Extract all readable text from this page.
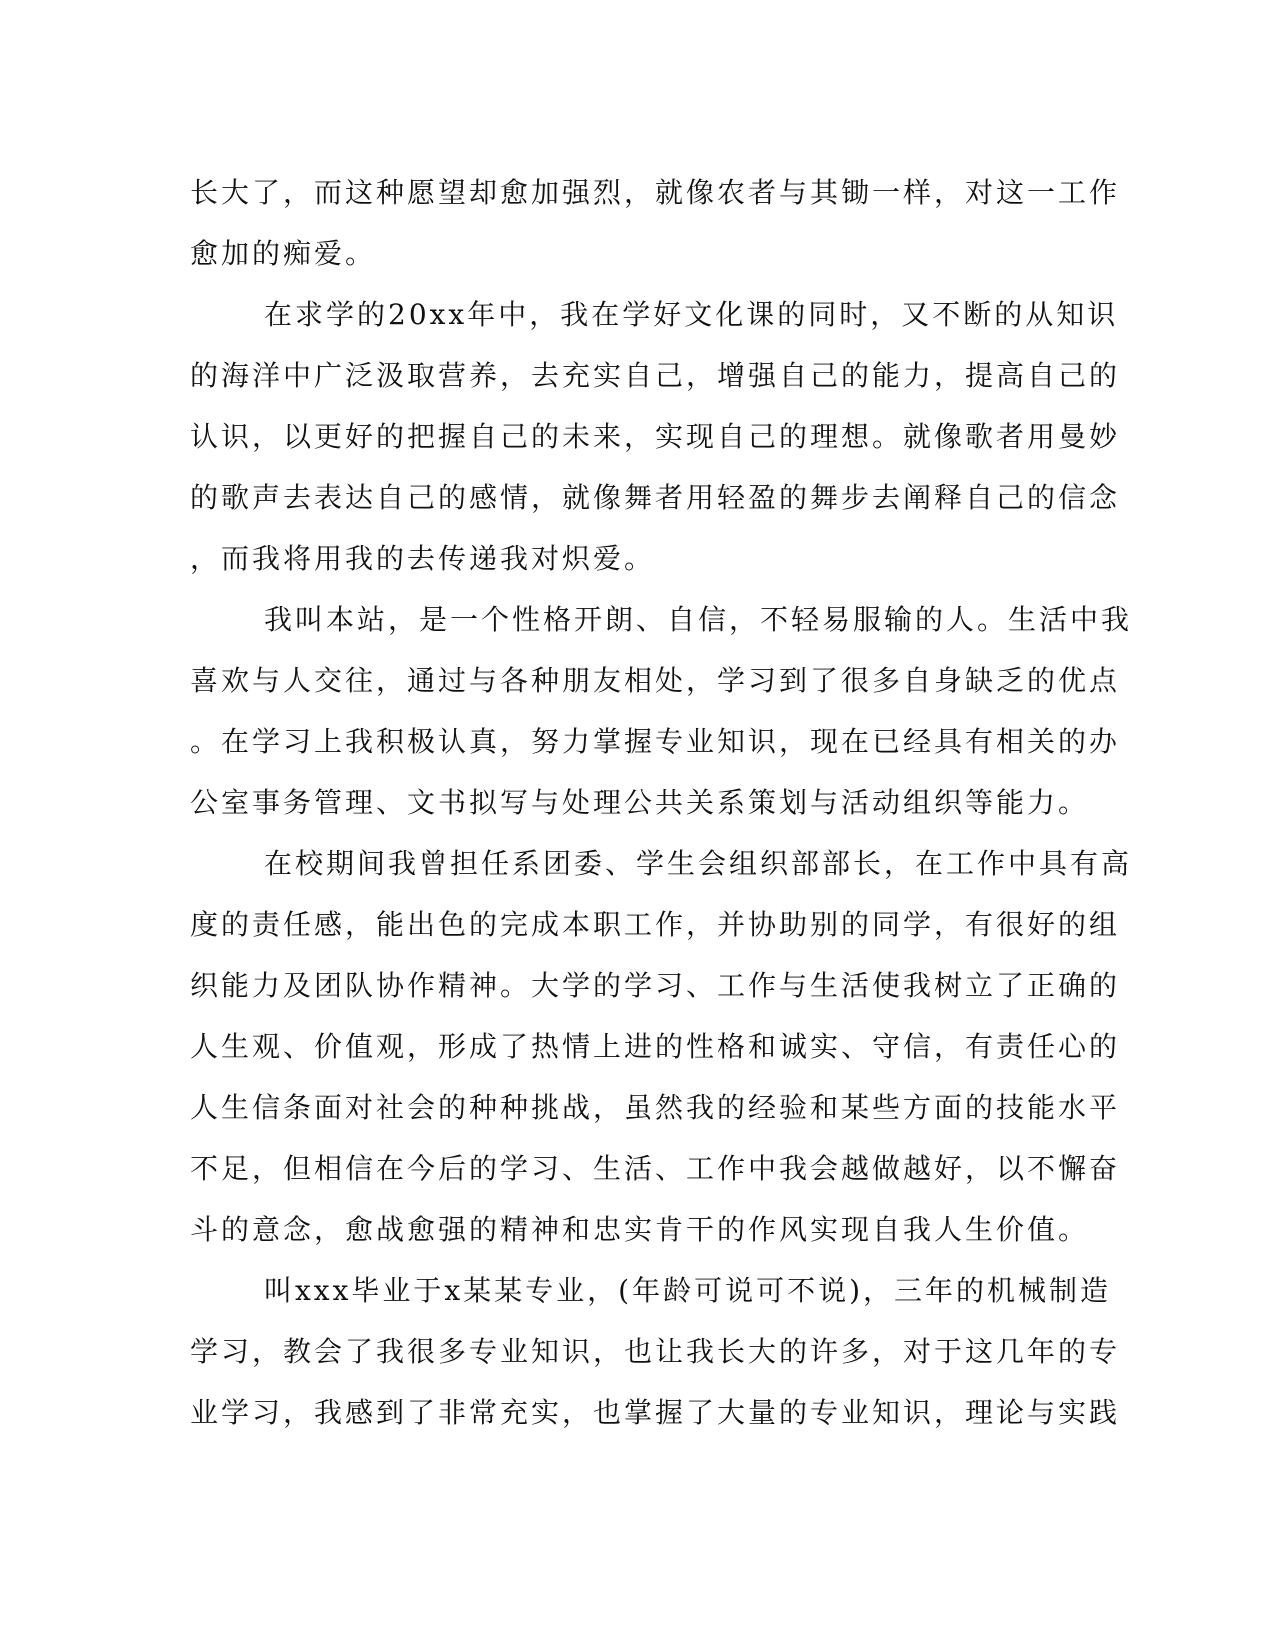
长大了，而这种愿望却愈加强烈，就像农者与其锄一样，对这一工作
愈加的痴爱。
在求学的20xx年中，我在学好文化课的同时，又不断的从知识
的海洋中广泛汲取营养，去充实自己，增强自己的能力，提高自己的
认识，以更好的把握自己的未来，实现自己的理想。就像歌者用曼妙
的歌声去表达自己的感情，就像舞者用轻盈的舞步去阐释自己的信念
，而我将用我的去传递我对炽爱。
我叫本站，是一个性格开朗、自信，不轻易服输的人。生活中我
喜欢与人交往，通过与各种朋友相处，学习到了很多自身缺乏的优点
。在学习上我积极认真，努力掌握专业知识，现在已经具有相关的办
公室事务管理、文书拟写与处理公共关系策划与活动组织等能力。
在校期间我曾担任系团委、学生会组织部部长，在工作中具有高
度的责任感，能出色的完成本职工作，并协助别的同学，有很好的组
织能力及团队协作精神。大学的学习、工作与生活使我树立了正确的
人生观、价值观，形成了热情上进的性格和诚实、守信，有责任心的
人生信条面对社会的种种挑战，虽然我的经验和某些方面的技能水平
不足，但相信在今后的学习、生活、工作中我会越做越好，以不懈奋
斗的意念，愈战愈强的精神和忠实肯干的作风实现自我人生价值。
叫xxx毕业于x某某专业，(年龄可说可不说)，三年的机械制造
学习，教会了我很多专业知识，也让我长大的许多，对于这几年的专
业学习，我感到了非常充实，也掌握了大量的专业知识，理论与实践
